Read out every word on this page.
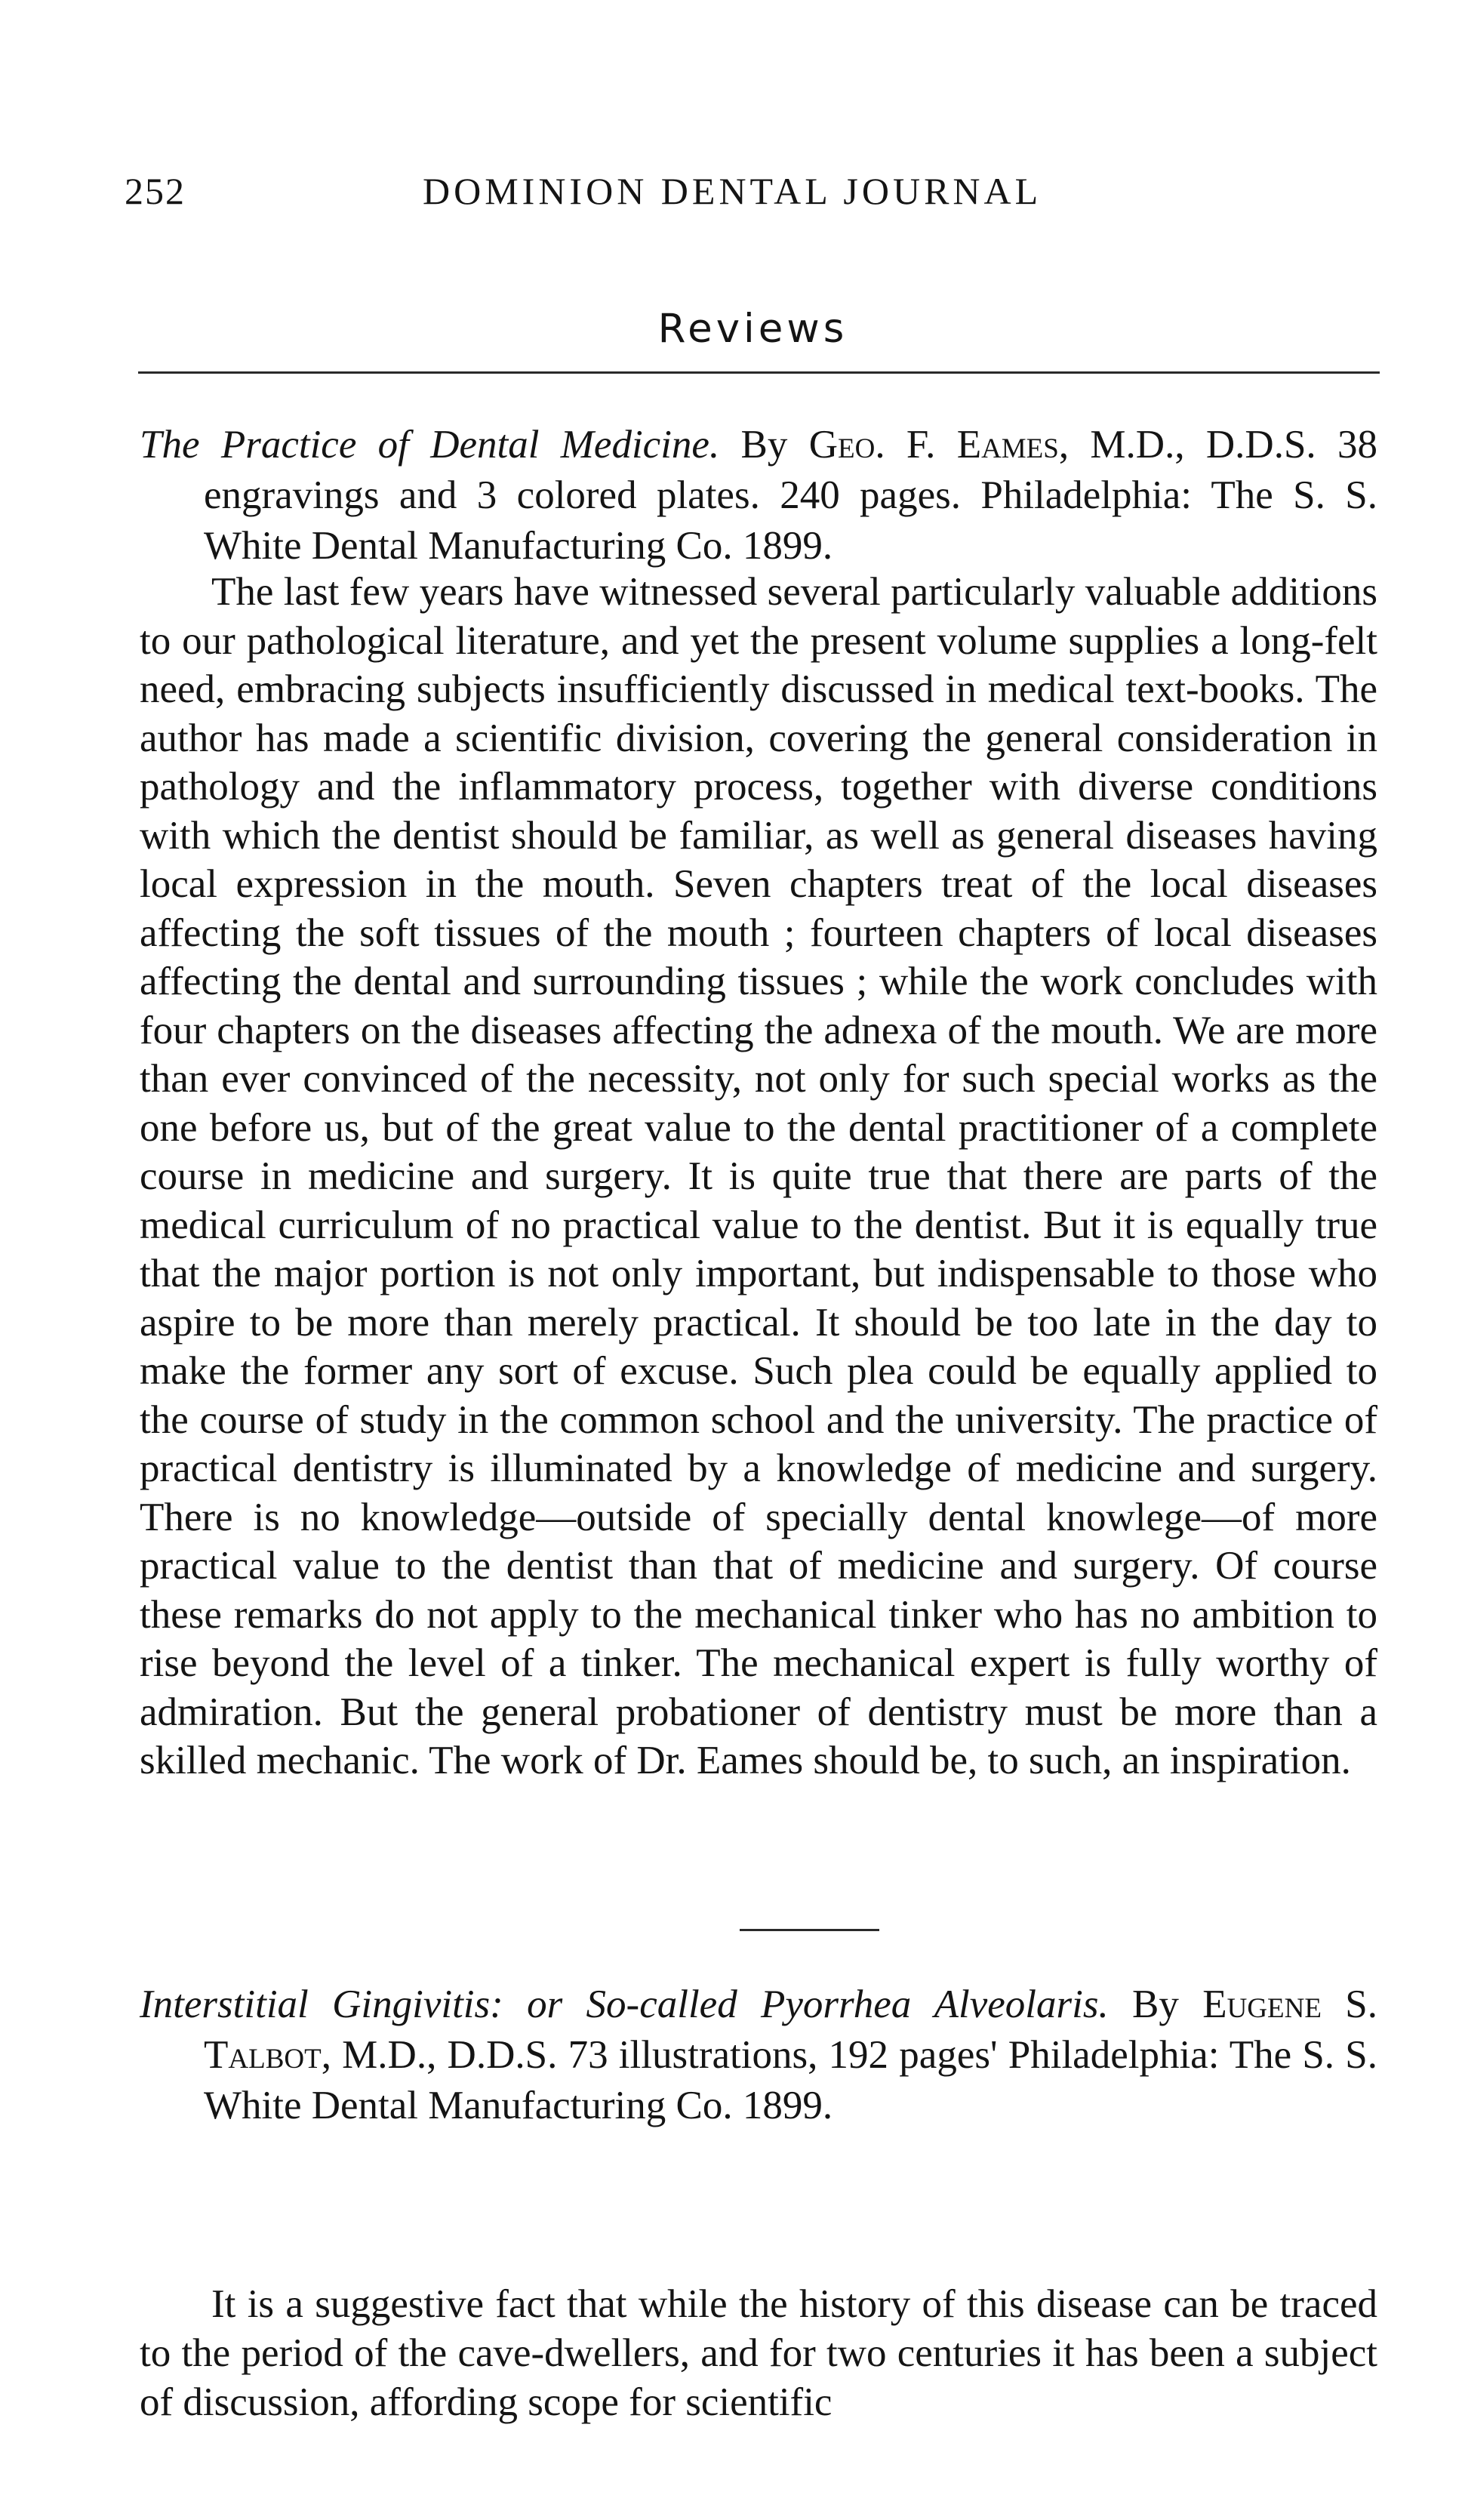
252	DOMINION DENTAL JOURNAL
Reviews
The Practice of Dental Medicine. By Geo. F. Eames, M.D., D.D.S. 38 engravings and 3 colored plates. 240 pages. Philadelphia: The S. S. White Dental Manufacturing Co. 1899.

The last few years have witnessed several particularly valuable additions to our pathological literature, and yet the present volume supplies a long-felt need, embracing subjects insufficiently discussed in medical text-books. The author has made a scientific division, covering the general consideration in pathology and the inflammatory process, together with diverse conditions with which the dentist should be familiar, as well as general diseases having local expression in the mouth. Seven chapters treat of the local diseases affecting the soft tissues of the mouth ; fourteen chapters of local diseases affecting the dental and surrounding tissues ; while the work concludes with four chapters on the diseases affecting the adnexa of the mouth. We are more than ever convinced of the necessity, not only for such special works as the one before us, but of the great value to the dental practitioner of a complete course in medicine and surgery. It is quite true that there are parts of the medical curriculum of no practical value to the dentist. But it is equally true that the major portion is not only important, but indispensable to those who aspire to be more than merely practical. It should be too late in the day to make the former any sort of excuse. Such plea could be equally applied to the course of study in the common school and the university. The practice of practical dentistry is illuminated by a knowledge of medicine and surgery. There is no knowledge—outside of specially dental knowlege—of more practical value to the dentist than that of medicine and surgery. Of course these remarks do not apply to the mechanical tinker who has no ambition to rise beyond the level of a tinker. The mechanical expert is fully worthy of admiration. But the general probationer of dentistry must be more than a skilled mechanic. The work of Dr. Eames should be, to such, an inspiration.

Interstitial Gingivitis: or So-called Pyorrhea Alveolaris. By Eugene S. Talbot, M.D., D.D.S. 73 illustrations, 192 pages' Philadelphia: The S. S. White Dental Manufacturing Co. 1899.

It is a suggestive fact that while the history of this disease can be traced to the period of the cave-dwellers, and for two centuries it has been a subject of discussion, affording scope for scientific
